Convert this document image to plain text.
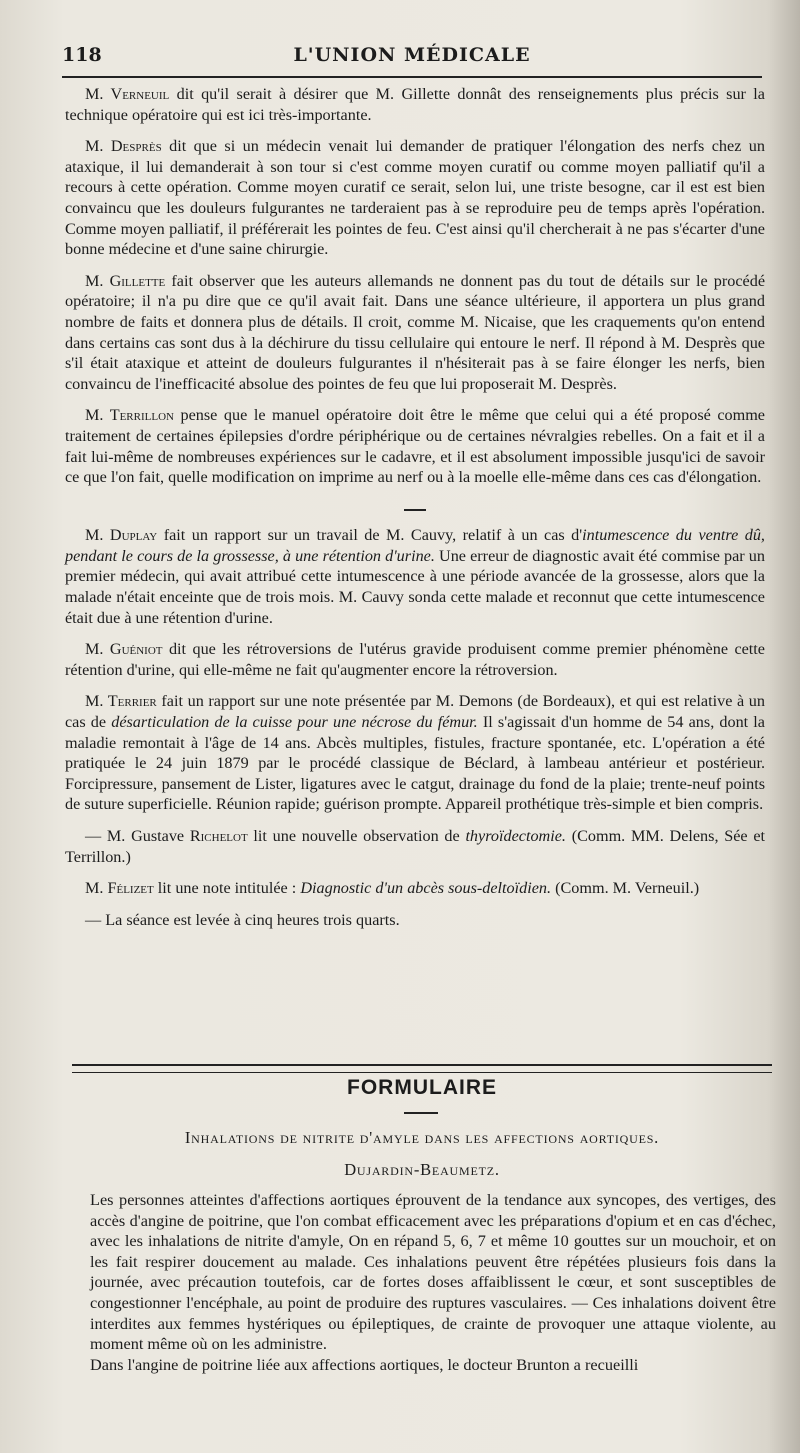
118	L'UNION MÉDICALE

M. Verneuil dit qu'il serait à désirer que M. Gillette donnât des renseignements plus précis sur la technique opératoire qui est ici très-importante.

M. Desprès dit que si un médecin venait lui demander de pratiquer l'élongation des nerfs chez un ataxique, il lui demanderait à son tour si c'est comme moyen curatif ou comme moyen palliatif qu'il a recours à cette opération. Comme moyen curatif ce serait, selon lui, une triste besogne, car il est est bien convaincu que les douleurs fulgurantes ne tarderaient pas à se reproduire peu de temps après l'opération. Comme moyen palliatif, il préférerait les pointes de feu. C'est ainsi qu'il chercherait à ne pas s'écarter d'une bonne médecine et d'une saine chirurgie.

M. Gillette fait observer que les auteurs allemands ne donnent pas du tout de détails sur le procédé opératoire; il n'a pu dire que ce qu'il avait fait. Dans une séance ultérieure, il apportera un plus grand nombre de faits et donnera plus de détails. Il croit, comme M. Nicaise, que les craquements qu'on entend dans certains cas sont dus à la déchirure du tissu cellulaire qui entoure le nerf. Il répond à M. Desprès que s'il était ataxique et atteint de douleurs fulgurantes il n'hésiterait pas à se faire élonger les nerfs, bien convaincu de l'inefficacité absolue des pointes de feu que lui proposerait M. Desprès.

M. Terrillon pense que le manuel opératoire doit être le même que celui qui a été proposé comme traitement de certaines épilepsies d'ordre périphérique ou de certaines névralgies rebelles. On a fait et il a fait lui-même de nombreuses expériences sur le cadavre, et il est absolument impossible jusqu'ici de savoir ce que l'on fait, quelle modification on imprime au nerf ou à la moelle elle-même dans ces cas d'élongation.

M. Duplay fait un rapport sur un travail de M. Cauvy, relatif à un cas d'intumescence du ventre dû, pendant le cours de la grossesse, à une rétention d'urine. Une erreur de diagnostic avait été commise par un premier médecin, qui avait attribué cette intumescence à une période avancée de la grossesse, alors que la malade n'était enceinte que de trois mois. M. Cauvy sonda cette malade et reconnut que cette intumescence était due à une rétention d'urine.

M. Guéniot dit que les rétroversions de l'utérus gravide produisent comme premier phénomène cette rétention d'urine, qui elle-même ne fait qu'augmenter encore la rétroversion.

M. Terrier fait un rapport sur une note présentée par M. Demons (de Bordeaux), et qui est relative à un cas de désarticulation de la cuisse pour une nécrose du fémur. Il s'agissait d'un homme de 54 ans, dont la maladie remontait à l'âge de 14 ans. Abcès multiples, fistules, fracture spontanée, etc. L'opération a été pratiquée le 24 juin 1879 par le procédé classique de Béclard, à lambeau antérieur et postérieur. Forcipressure, pansement de Lister, ligatures avec le catgut, drainage du fond de la plaie; trente-neuf points de suture superficielle. Réunion rapide; guérison prompte. Appareil prothétique très-simple et bien compris.

— M. Gustave Richelot lit une nouvelle observation de thyroïdectomie. (Comm. MM. Delens, Sée et Terrillon.)

M. Félizet lit une note intitulée : Diagnostic d'un abcès sous-deltoïdien. (Comm. M. Verneuil.)

— La séance est levée à cinq heures trois quarts.

FORMULAIRE
Inhalations de nitrite d'amyle dans les affections aortiques.
Dujardin-Beaumetz.

Les personnes atteintes d'affections aortiques éprouvent de la tendance aux syncopes, des vertiges, des accès d'angine de poitrine, que l'on combat efficacement avec les préparations d'opium et en cas d'échec, avec les inhalations de nitrite d'amyle, On en répand 5, 6, 7 et même 10 gouttes sur un mouchoir, et on les fait respirer doucement au malade. Ces inhalations peuvent être répétées plusieurs fois dans la journée, avec précaution toutefois, car de fortes doses affaiblissent le cœur, et sont susceptibles de congestionner l'encéphale, au point de produire des ruptures vasculaires. — Ces inhalations doivent être interdites aux femmes hystériques ou épileptiques, de crainte de provoquer une attaque violente, au moment même où on les administre.

Dans l'angine de poitrine liée aux affections aortiques, le docteur Brunton a recueilli
